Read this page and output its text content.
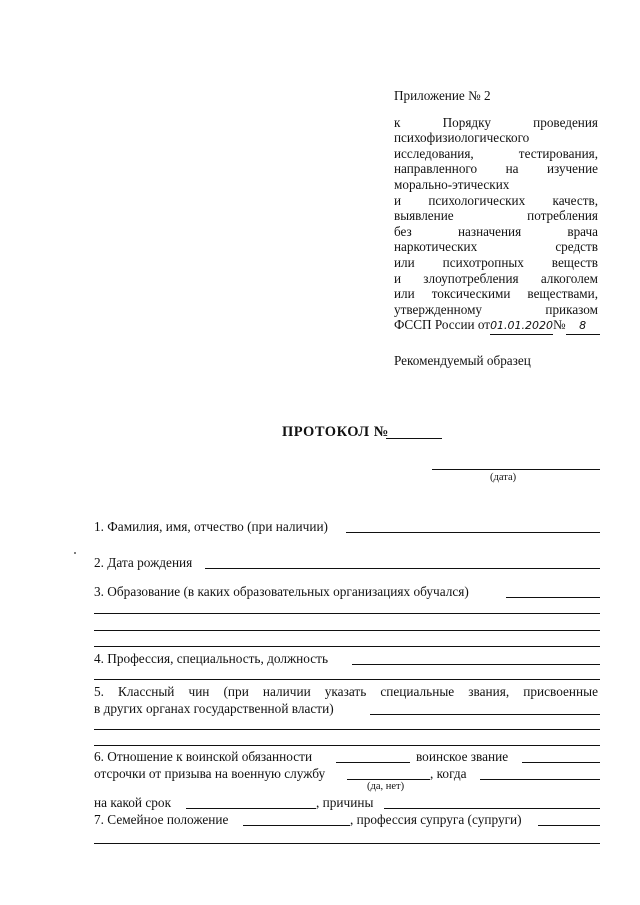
Приложение № 2
к Порядку проведения
психофизиологического
исследования, тестирования,
направленного на изучение
морально-этических
и психологических качеств,
выявление потребления
без назначения врача
наркотических средств
или психотропных веществ
и злоупотребления алкоголем
или токсическими веществами,
утвержденному приказом
ФССП России от01.01.2020№ 8
Рекомендуемый образец
ПРОТОКОЛ №
(дата)
1. Фамилия, имя, отчество (при наличии)
2. Дата рождения
3. Образование (в каких образовательных организациях обучался)
4. Профессия, специальность, должность
5. Классный чин (при наличии указать специальные звания, присвоенные
в других органах государственной власти)
6. Отношение к воинской обязанности	воинское звание
отсрочки от призыва на военную службу	, когда
(да, нет)
на какой срок	, причины
7. Семейное положение	, профессия супруга (супруги)
